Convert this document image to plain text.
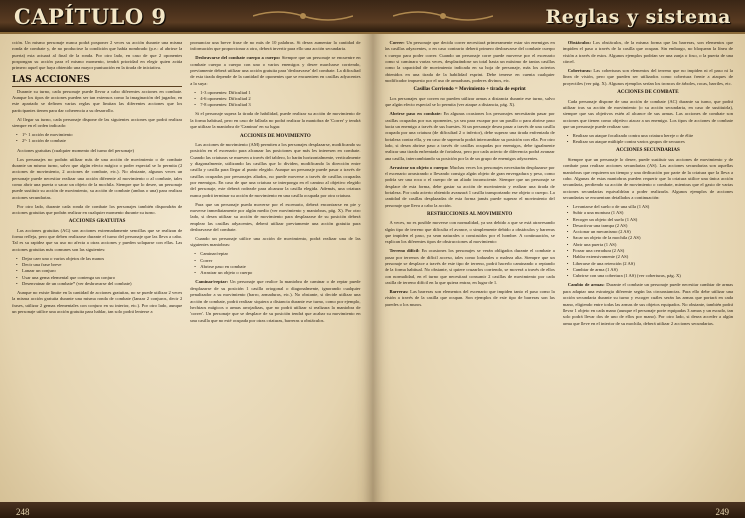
CAPÍTULO 9

cción. Un mismo personaje nunca podrá posponer 2 veces su acción durante una misma ronda de combate y, de no producirse la condición que había nombrado (p.e.: al abrirse la puerta) esta actuará al final de la ronda. Por otro lado, en caso de que 2 oponentes pospongan su acción para el mismo momento, tendrá prioridad en elegir quien actúa primero aquel que haya obtenido una mayor puntuación en la tirada de iniciativa.

LAS ACCIONES

Durante su turno, cada personaje puede llevar a cabo diferentes acciones en combate. Aunque los tipos de acciones pueden ser tan extensos como la imaginación del jugador, en este apartado se definen varias reglas que limitan las diferentes acciones que los participantes tienen para dar coherencia a su desarrollo.

Al llegar su turno, cada personaje dispone de las siguientes acciones que podrá realizar siempre en el orden indicado:

• 1ª- 1 acción de movimiento
• 2ª- 1 acción de combate

Acciones gratuitas (cualquier momento del turno del personaje)

Los personajes no podrán utilizar más de una acción de movimiento o de combate durante un mismo turno, salvo que algún efecto mágico o poder especial se lo permita (2 acciones de movimiento, 2 acciones de combate, etc.). No obstante, algunos veces un personaje puede necesitar realizar una acción diferente al movimiento o al combate, tales como abrir una puerta o sacar un objeto de la mochila. Siempre que lo desee, un personaje puede sustituir su acción de movimiento, su acción de combate (ambas o una) para realizar acciones secundarias.

Por otro lado, durante cada ronda de combate los personajes también dispondrán de acciones gratuitas que podrán realizar en cualquier momento durante su turno.

ACCIONES GRATUITAS

Las acciones gratuitas (AG) son acciones extremadamente sencillas que se realizan de forma refleja, pero que deben realizarse durante el turno del personaje que las lleva a cabo. Tal es su rapidez que su uso no afecta a otras acciones y pueden solaparse con ellas. Las acciones gratuitas más comunes son las siguientes:

• Dejar caer uno o varios objetos de las manos
• Decir una frase breve
• Lanzar un conjuro
• Usar una gema elemental que contenga un conjuro
• Desenvainar de un combate* (ver desbravarse del combate)

Aunque no existe límite en la cantidad de acciones gratuitas, no se puede utilizar 2 veces la misma acción gratuita durante una misma ronda de combate (lanzar 2 conjuros, decir 2 frases, utilizar 2 gemas elementales con conjuro en su interior, etc.). Por otro lado, aunque un personaje utilice una acción gratuita para hablar, tan solo podrá lenterse a

pronunciar una breve frase de no más de 10 palabras. Si desea aumentar la cantidad de información que proporcionar a otro, deberá invertir para ello una acción secundaria.

Desbravarse del combate cuerpo a cuerpo: Siempre que un personaje se encuentre en combate cuerpo a cuerpo con uno o varios enemigos y desee marcharse corriendo, previamente deberá utilizar una acción gratuita para 'desbravarse' del combate. La dificultad de esta tirada depende de la cantidad de oponentes que se encuentren en casillas adyacentes a la suya:

• 1-3 oponentes: Dificultad 1
• 4-6 oponentes: Dificultad 2
• 7-8 oponentes: Dificultad 3

Si el personaje supera la tirada de habilidad, puede realizar su acción de movimiento de la forma habitual, pero en caso de fallarla no podrá realizar la maniobra de 'Correr' y tendrá que utilizar la maniobra de 'Caminar' en su lugar.

ACCIONES DE MOVIMIENTO

Las acciones de movimiento (AM) permiten a los personajes desplazarse, modificando su posición en el escenario para alcanzar las posiciones que más les interesen en combate. Cuando las criaturas se mueven a través del tablero, lo harán horizontalmente, verticalmente y diagonalmente, utilizando las casillas que lo dividen, modificando la dirección entre casilla y casilla para llegar al punto elegido. Aunque un personaje puede pasar a través de casillas ocupadas por personajes aliados, no puede moverse a través de casillas ocupadas por enemigos. En caso de que una criatura se interponga en el camino al objetivo elegido del personaje, este deberá rodearle para alcanzar la casilla elegida. Además, una criatura nunca podrá terminar su acción de movimiento en una casilla ocupada por otra criatura.

Para que un personaje pueda moverse por el escenario, deberá encontrarse en pie y moverse inmediatamente por algún medio (ver movimiento y maniobras, pág. X). Por otro lado, si desea utilizar su acción de movimiento para desplazarse de su posición deberá emplear las casillas adyacentes, deberá utilizar previamente una acción gratuita para desbravarse del combate.

Cuando un personaje utilice una acción de movimiento, podrá realizar una de las siguientes maniobras:

• Caminar/reptar
• Correr
• Abrirse paso en combate
• Arrastrar un objeto o cuerpo

Caminar/reptar: Un personaje que realice la maniobra de caminar o de reptar puede desplazarse de su posición 1 casilla ortogonal o diagonalmente, ignorando cualquier penalizador a su movimiento (barro, armaduras, etc.). No obstante, si decide utilizar una acción de combate, podrá realizar siquiera a distancia durante ese turno, como por ejemplo, hechizos mágicos o armas arrojadizas, que no podrá utilizar si realizara la maniobra de 'correr'. Un personaje que se desplace de su posición tendrá que acabar su movimiento en una casilla que no esté ocupada por otras criaturas, barreras u obstáculos.

248
Reglas y sistema

Correr: Un personaje que decida correr necesitará primeramente estar sin enemigos en las casillas adyacentes, o en caso contrario deberá primero desbravarse del combate cuerpo a cuerpo para poder correr. Cuando un personaje corre puede moverse por el escenario como si caminara varias veces, desplazándose un total hasta un máximo de tantas casillas como la capacidad de movimiento indicada en su hoja de personaje, más los aciertos obtenidos en una tirada de la habilidad esprint. Debe tenerse en cuenta cualquier modificador impuesto por el uso de armaduras, poderes divinos, etc.

Casillas Corriendo = Movimiento + tirada de esprint

Los personajes que corren no pueden utilizar armas a distancia durante ese turno, salvo que algún efecto especial se lo permita (ver ataque a distancia, pág. X).

Abrirse paso en combate: En algunas ocasiones los personajes necesitarán pasar por casillas ocupadas por sus oponentes, ya sea para escapar por un pasillo o para abrirse paso hacia un enemigo a través de sus huestes. Si un personaje desea pasar a través de una casilla ocupada por una criatura (de dificultad 2 o inferior), debe superar una tirada enfrentada de fortaleza contra ella, y en caso de superarla podrá intercambiar su posición con ella. Por otro lado, si desea abrirse paso a través de casillas ocupadas por enemigos, debe igualmente realizar una tirada enfrentada de fortaleza, pero por cada acierto de diferencia podrá avanzar una casilla, intercambiando su posición por la de un grupo de enemigos adyacentes.

Arrastrar un objeto o cuerpo: Muchas veces los personajes necesitarán desplazarse por el escenario arrastrando o llevando consigo algún objeto de gran envergadura y peso, como podría ser una roca o el cuerpo de un aliado inconsciente. Siempre que un personaje se desplace de esta forma, debe gastar su acción de movimiento y realizar una tirada de fortaleza. Por cada acierto obtenido avanzará 1 casilla transportando ese objeto o cuerpo. La cantidad de casillas desplazadas de esta forma jamás puede superar el movimiento del personaje que lleva a cabo la acción.

RESTRICCIONES AL MOVIMIENTO

A veces, no es posible moverse con normalidad, ya sea debido a que se está atravesando algún tipo de terreno que dificulta el avance, o simplemente debido a obstáculos y barreras que impiden el paso, ya sean naturales o construidos por el hombre. A continuación, se explican los diferentes tipos de obstrucciones al movimiento:

Terreno difícil: En ocasiones los personajes se verán obligados durante el combate a pasar por terrenos de difícil acceso, tales como lodazales o maleza alta. Siempre que un personaje se desplace a través de este tipo de terreno, podrá hacerlo caminando o reptando de la forma habitual. No obstante, si quiere cruzarlos corriendo, se moverá a través de ellos con normalidad, en el turno que necesitará consumir 2 casillas de movimiento por cada casilla de terreno difícil en la que quiera entrar, en lugar de 1.

Barreras: Las barreras son elementos del escenario que impiden tanto el paso como la visión a través de la casilla que ocupan. Son ejemplos de este tipo de barreras son las paredes o los muros.

Obstáculos: Los obstáculos, de la misma forma que las barreras, son elementos que impiden el paso a través de la casilla que ocupan. Sin embargo, no bloquean la línea de visión a través de estos. Algunos ejemplos podrían ser una zanja o foso, o la puerta de una cárcel.

Coberturas: Las coberturas son elementos del terreno que no impiden ni el paso ni la línea de visión, pero que pueden ser utilizados como cobertura frente a ataques de proyectiles (ver pág. X). Algunos ejemplos serían los troncos de árboles, rocas, barriles, etc.

ACCIONES DE COMBATE

Cada personaje dispone de una acción de combate (AC) durante su turno, que podrá utilizar tras su acción de movimiento (o su acción secundaria, en caso de sustituirla), siempre que sus objetivos estén al alcance de sus armas. Las acciones de combate son acciones que tienen como objetivo atacar a un enemigo. Los tipos de acciones de combate que un personaje puede realizar son:

• Realizar un ataque focalizado contra una criatura hereje o de élite
• Realizar un ataque múltiple contra varios grupos de secuaces
ACCIONES SECUNDARIAS

Siempre que un personaje lo desee, puede sustituir sus acciones de movimiento y de combate para realizar acciones secundarias (AS). Las acciones secundarias son aquellas maniobras que requieren un tiempo y una dedicación por parte de la criatura que la lleva a cabo. Algunas de estas maniobras pueden requerir que la criatura utilice una única acción secundaria, perdiendo su acción de movimiento o combate, mientras que el gasto de varias acciones secundarias equivaldrían a poder realizarla. Algunos ejemplos de acciones secundarias se encuentran detallados a continuación:

• Levantarse del suelo o de una silla (1 AS)
• Subir a una montura (1 AS)
• Recoger un objeto del suelo (1 AS)
• Desactivar una trampa (2 AS)
• Accionar un mecanismo (2 AS)
• Sacar un objeto de la mochila (2 AS)
• Abrir una puerta (1 AS)
• Forzar una cerradura (2 AS)
• Hablar extensivamente (2 AS)
• Liberarse de una retención (2 AS)
• Cambiar de arma (1 AS)
• Cubrirse con una cobertura (1 AS) (ver coberturas, pág. X)

Cambio de armas: Durante el combate un personaje puede necesitar cambiar de armas para adaptar una estrategia diferente según las circunstancias. Para ello debe utilizar una acción secundaria durante su turno y escoger cuáles serán las armas que portará en cada mano, eligiendo entre todas las armas de sus objetos equipados. No obstante, también podrá llevar 1 objeto en cada mano (aunque el personaje porte equipadas 3 armas y un escudo, tan solo podrá llevar dos de uno de ellos por mano). Por otro lado, si desea acceder a algún arma que lleve en el interior de su mochila, deberá utilizar 2 acciones secundarias.

249
